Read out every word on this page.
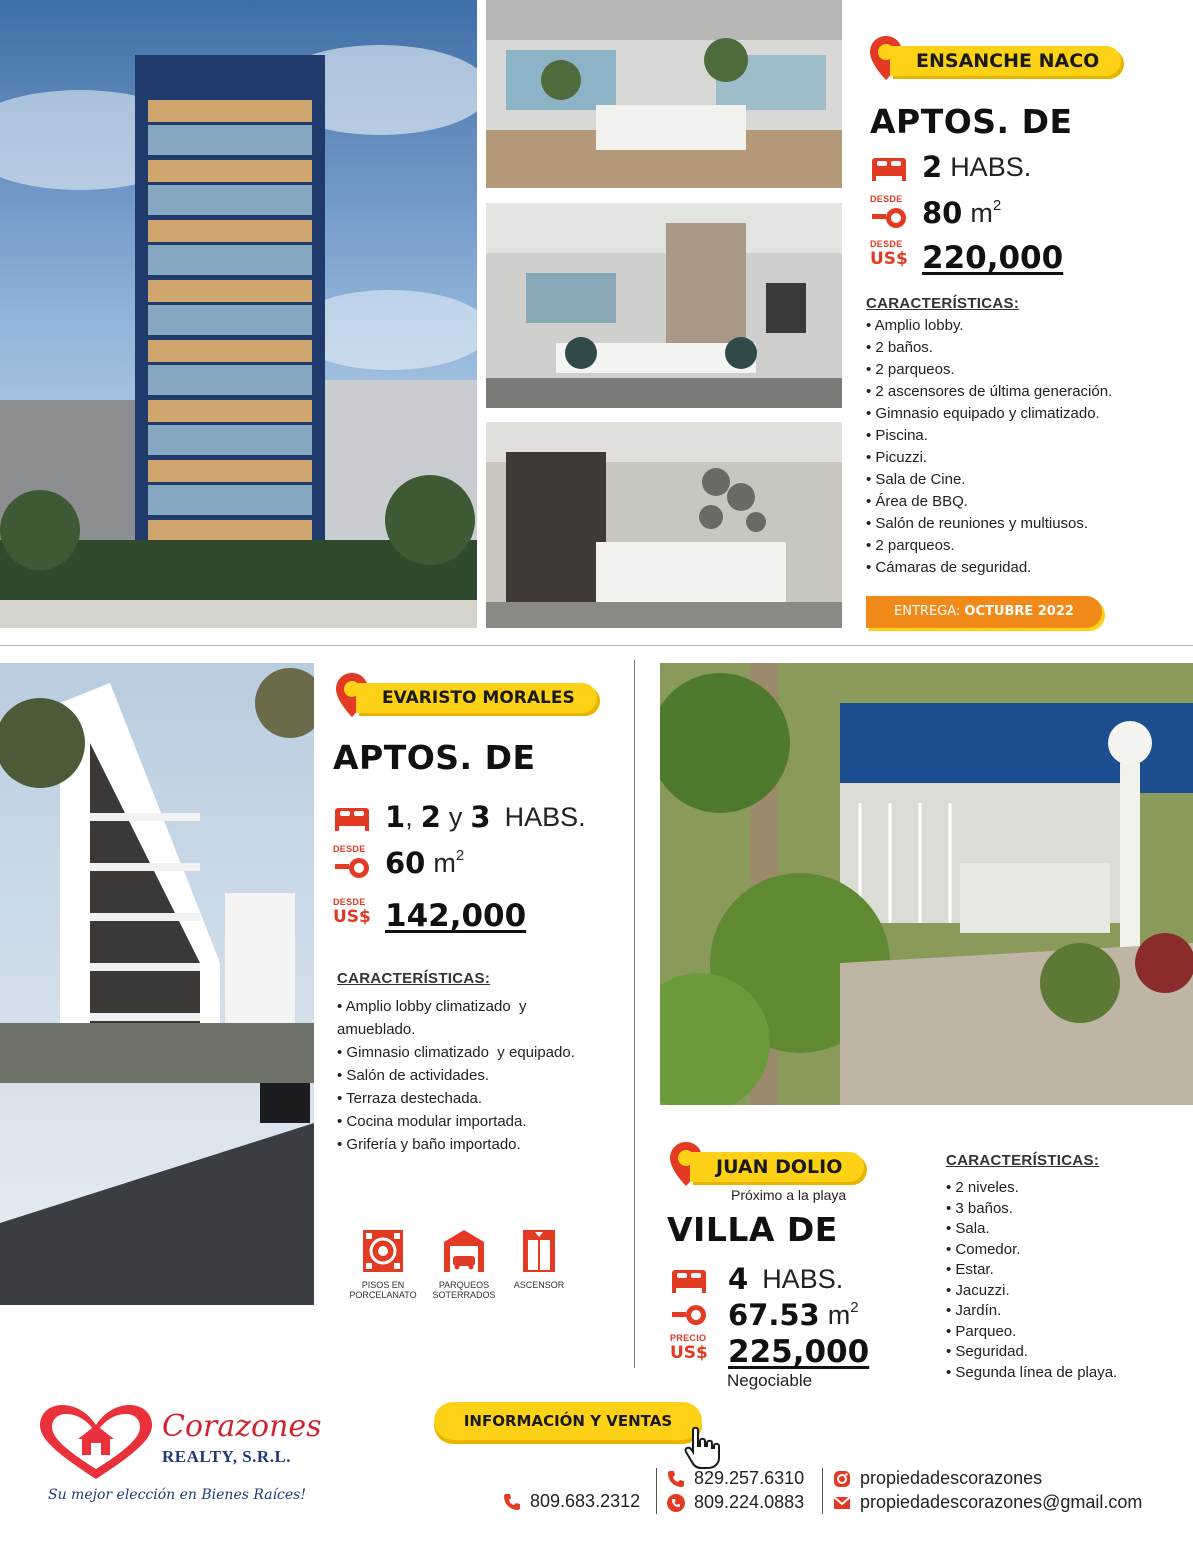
ENSANCHE NACO
APTOS. DE
2 HABS.
DESDE 80 $m^2$
DESDE
US$ 220,000
CARACTERÍSTICAS:
• Amplio lobby.
• 2 baños.
• 2 parqueos.
• 2 ascensores de última generación.
• Gimnasio equipado y climatizado.
• Piscina.
• Picuzzi.
• Sala de Cine.
• Área de BBQ.
• Salón de reuniones y multiusos.
• 2 parqueos.
• Cámaras de seguridad.
ENTREGA: OCTUBRE 2022
EVARISTO MORALES
APTOS. DE
1 , 2 y 3 HABS.
DESDE 60 $m^2$
DESDE
US$ 142,000
CARACTERÍSTICAS:
• Amplio lobby climatizado  y amueblado.
• Gimnasio climatizado  y equipado.
• Salón de actividades.
• Terraza destechada.
• Cocina modular importada.
• Grifería y baño importado.
PISOS EN PORCELANATO
PARQUEOS SOTERRADOS
ASCENSOR
JUAN DOLIO
Próximo a la playa
VILLA DE
4 HABS.
67.53 $m^2$
PRECIO
US$ 225,000
Negociable
CARACTERÍSTICAS:
• 2 niveles.
• 3 baños.
• Sala.
• Comedor.
• Estar.
• Jacuzzi.
• Jardín.
• Parqueo.
• Seguridad.
• Segunda línea de playa.
Corazones
REALTY, S.R.L.
Su mejor elección en Bienes Raíces!
INFORMACIÓN Y VENTAS
809.683.2312
829.257.6310
809.224.0883
propiedadescorazones
propiedadescorazones@gmail.com
